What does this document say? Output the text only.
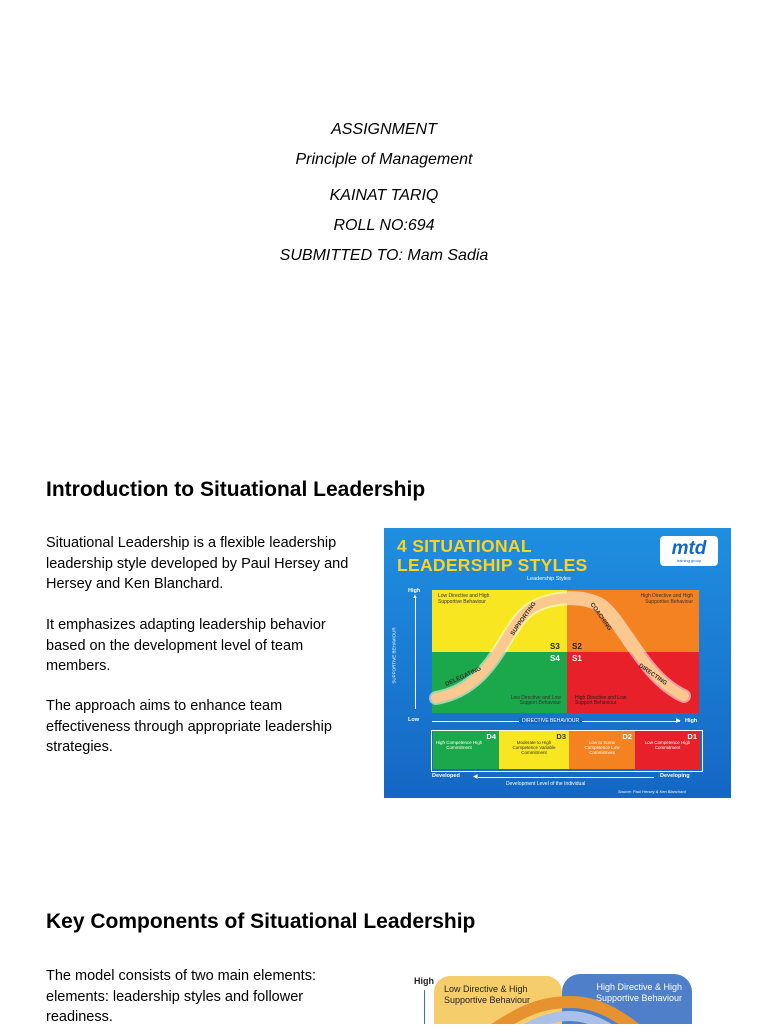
ASSIGNMENT
Principle of Management
KAINAT TARIQ
ROLL NO:694
SUBMITTED TO: Mam Sadia
Introduction to Situational Leadership

Situational Leadership is a flexible leadership leadership style developed by Paul Hersey and Hersey and Ken Blanchard.

It emphasizes adapting leadership behavior based on the development level of team members.

The approach aims to enhance team effectiveness through appropriate leadership strategies.

4 SITUATIONAL
LEADERSHIP STYLES
mtd
training group
Leadership Styles
High
▲
SUPPORTIVE BEHAVIOUR
Low
Low Directive and High Supportive Behaviour
High Directive and High Supportive Behaviour
Low Directive and Low Support Behaviour
High Directive and Low Support Behaviour
SUPPORTING	COACHING
DELEGATING	DIRECTING
S3 S2
S4 S1
▶
DIRECTIVE BEHAVIOUR	High
D4
High Competence High Commitment
D3
Moderate to High Competence Variable Commitment
D2
Low to Some Competence Low Commitment
D1
Low Competence High Commitment
Developed ◀	Developing
Development Level of the Individual
Source: Paul Hersey & Ken Blanchard
Key Components of Situational Leadership

The model consists of two main elements: elements: leadership styles and follower readiness.

High
Low Directive & High Supportive Behaviour
High Directive & High Supportive Behaviour
